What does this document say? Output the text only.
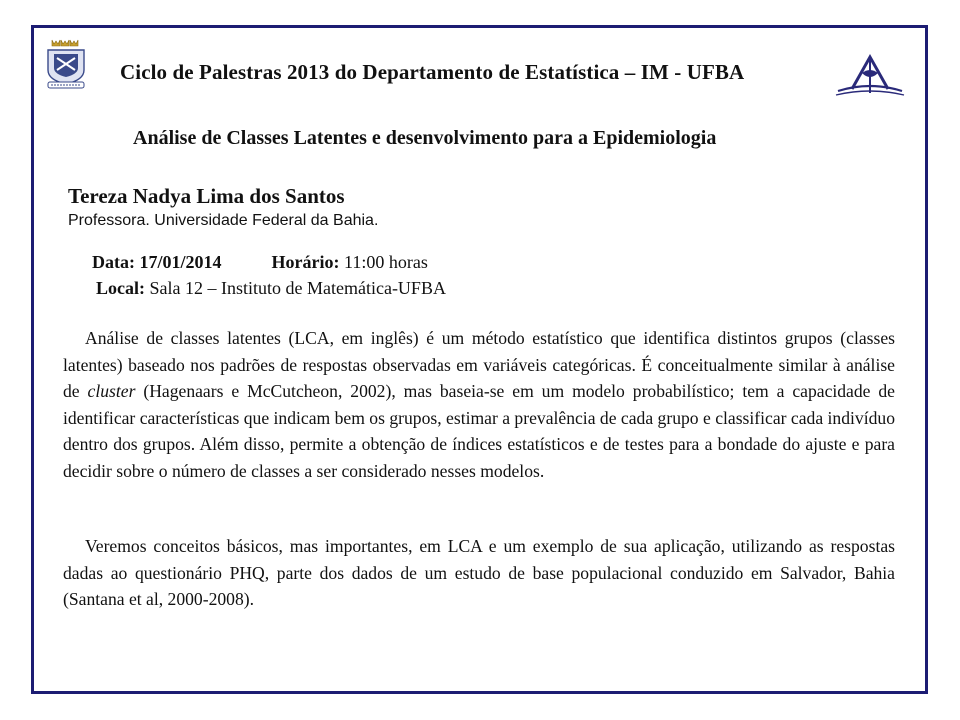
Ciclo de Palestras 2013 do Departamento de Estatística – IM - UFBA
Análise de Classes Latentes e desenvolvimento para a Epidemiologia
Tereza Nadya Lima dos Santos
Professora. Universidade Federal da Bahia.
Data: 17/01/2014	Horário: 11:00 horas
Local: Sala 12 – Instituto de Matemática-UFBA

Análise de classes latentes (LCA, em inglês) é um método estatístico que identifica distintos grupos (classes latentes) baseado nos padrões de respostas observadas em variáveis categóricas. É conceitualmente similar à análise de cluster (Hagenaars e McCutcheon, 2002), mas baseia-se em um modelo probabilístico; tem a capacidade de identificar características que indicam bem os grupos, estimar a prevalência de cada grupo e classificar cada indivíduo dentro dos grupos. Além disso, permite a obtenção de índices estatísticos e de testes para a bondade do ajuste e para decidir sobre o número de classes a ser considerado nesses modelos.

Veremos conceitos básicos, mas importantes, em LCA e um exemplo de sua aplicação, utilizando as respostas dadas ao questionário PHQ, parte dos dados de um estudo de base populacional conduzido em Salvador, Bahia (Santana et al, 2000-2008).
